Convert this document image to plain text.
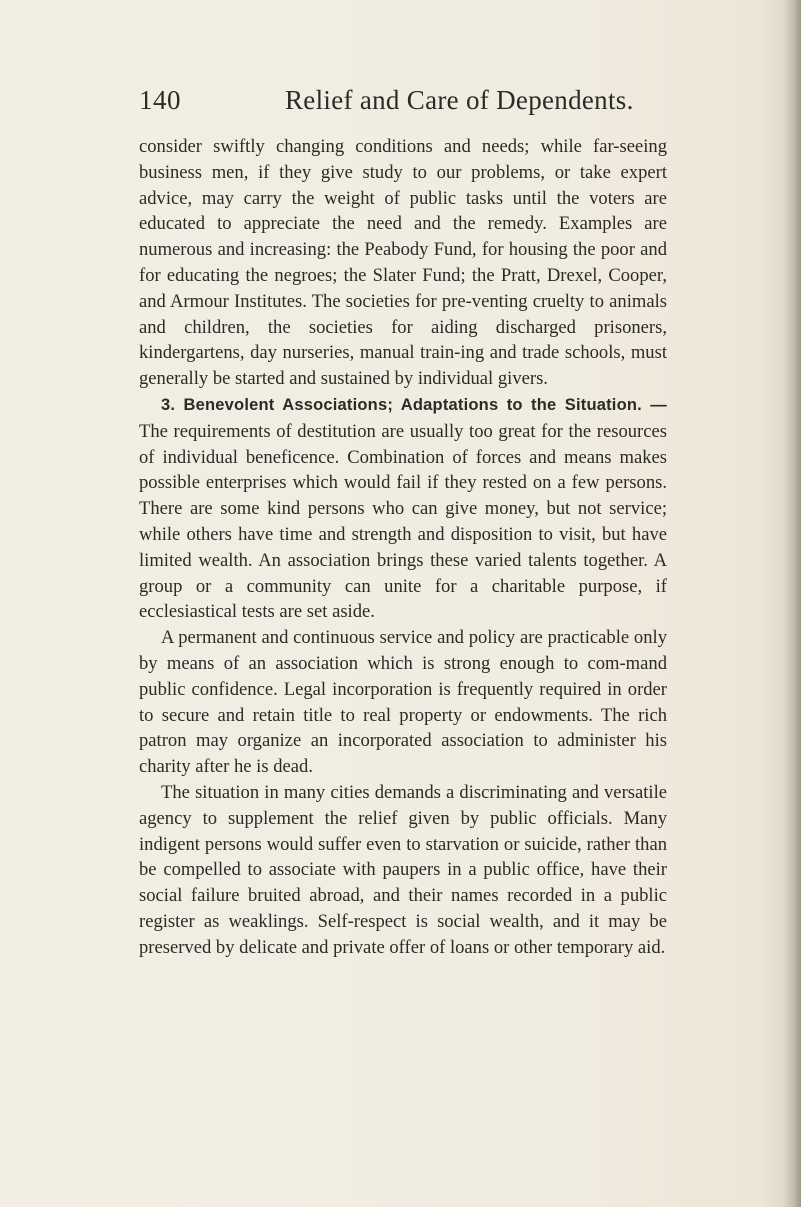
140	Relief and Care of Dependents.

consider swiftly changing conditions and needs; while far-seeing business men, if they give study to our problems, or take expert advice, may carry the weight of public tasks until the voters are educated to appreciate the need and the remedy. Examples are numerous and increasing: the Peabody Fund, for housing the poor and for educating the negroes; the Slater Fund; the Pratt, Drexel, Cooper, and Armour Institutes. The societies for pre-venting cruelty to animals and children, the societies for aiding discharged prisoners, kindergartens, day nurseries, manual train-ing and trade schools, must generally be started and sustained by individual givers.

3. Benevolent Associations; Adaptations to the Situation. — The requirements of destitution are usually too great for the resources of individual beneficence. Combination of forces and means makes possible enterprises which would fail if they rested on a few persons. There are some kind persons who can give money, but not service; while others have time and strength and disposition to visit, but have limited wealth. An association brings these varied talents together. A group or a community can unite for a charitable purpose, if ecclesiastical tests are set aside.

A permanent and continuous service and policy are practicable only by means of an association which is strong enough to com-mand public confidence. Legal incorporation is frequently required in order to secure and retain title to real property or endowments. The rich patron may organize an incorporated association to administer his charity after he is dead.

The situation in many cities demands a discriminating and versatile agency to supplement the relief given by public officials. Many indigent persons would suffer even to starvation or suicide, rather than be compelled to associate with paupers in a public office, have their social failure bruited abroad, and their names recorded in a public register as weaklings. Self-respect is social wealth, and it may be preserved by delicate and private offer of loans or other temporary aid.
